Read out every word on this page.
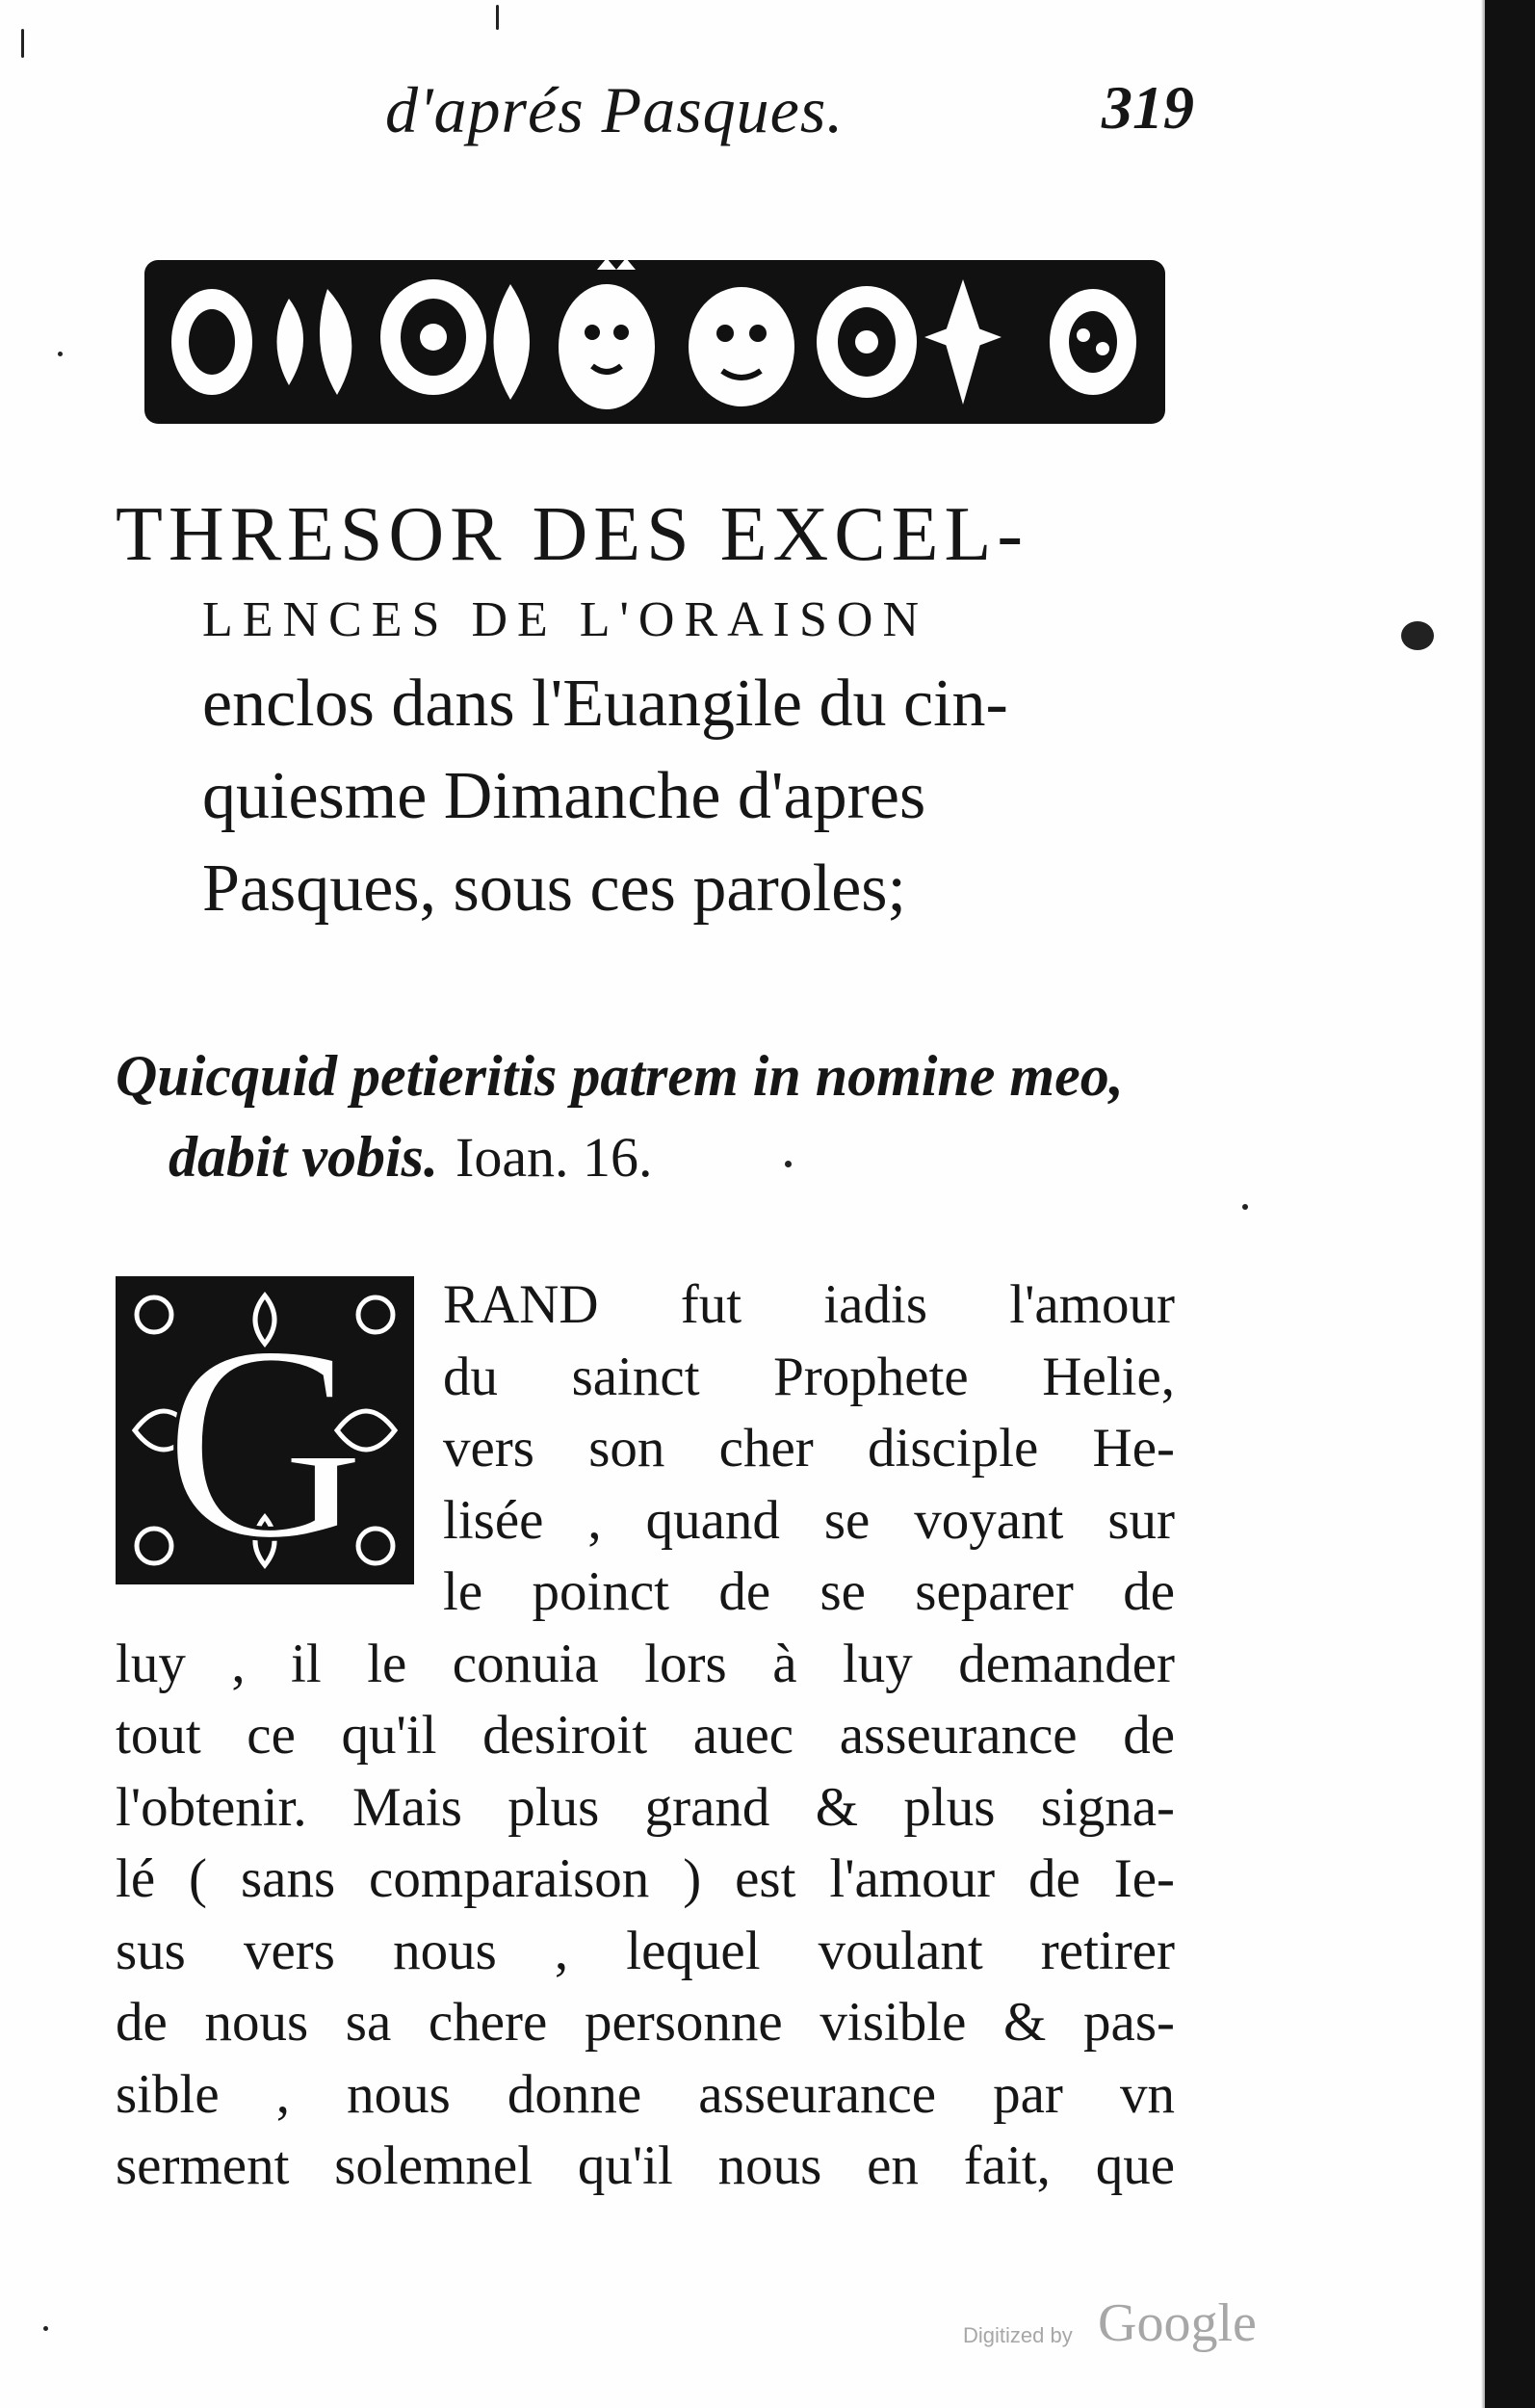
d'aprés Pasques.	319
THRESOR DES EXCEL-
LENCES DE L'ORAISON
enclos dans l'Euangile du cin-
quiesme Dimanche d'apres
Pasques, sous ces paroles;
Quicquid petieritis patrem in nomine meo,
dabit vobis. Ioan. 16.
G RAND fut iadis l'amour
du sainct Prophete Helie,
vers son cher disciple He-
lisée , quand se voyant sur
le poinct de se separer de
luy , il le conuia lors à luy demander
tout ce qu'il desiroit auec asseurance de
l'obtenir. Mais plus grand & plus signa-
lé ( sans comparaison ) est l'amour de Ie-
sus vers nous , lequel voulant retirer
de nous sa chere personne visible & pas-
sible , nous donne asseurance par vn
serment solemnel qu'il nous en fait, que
Digitized by Google
